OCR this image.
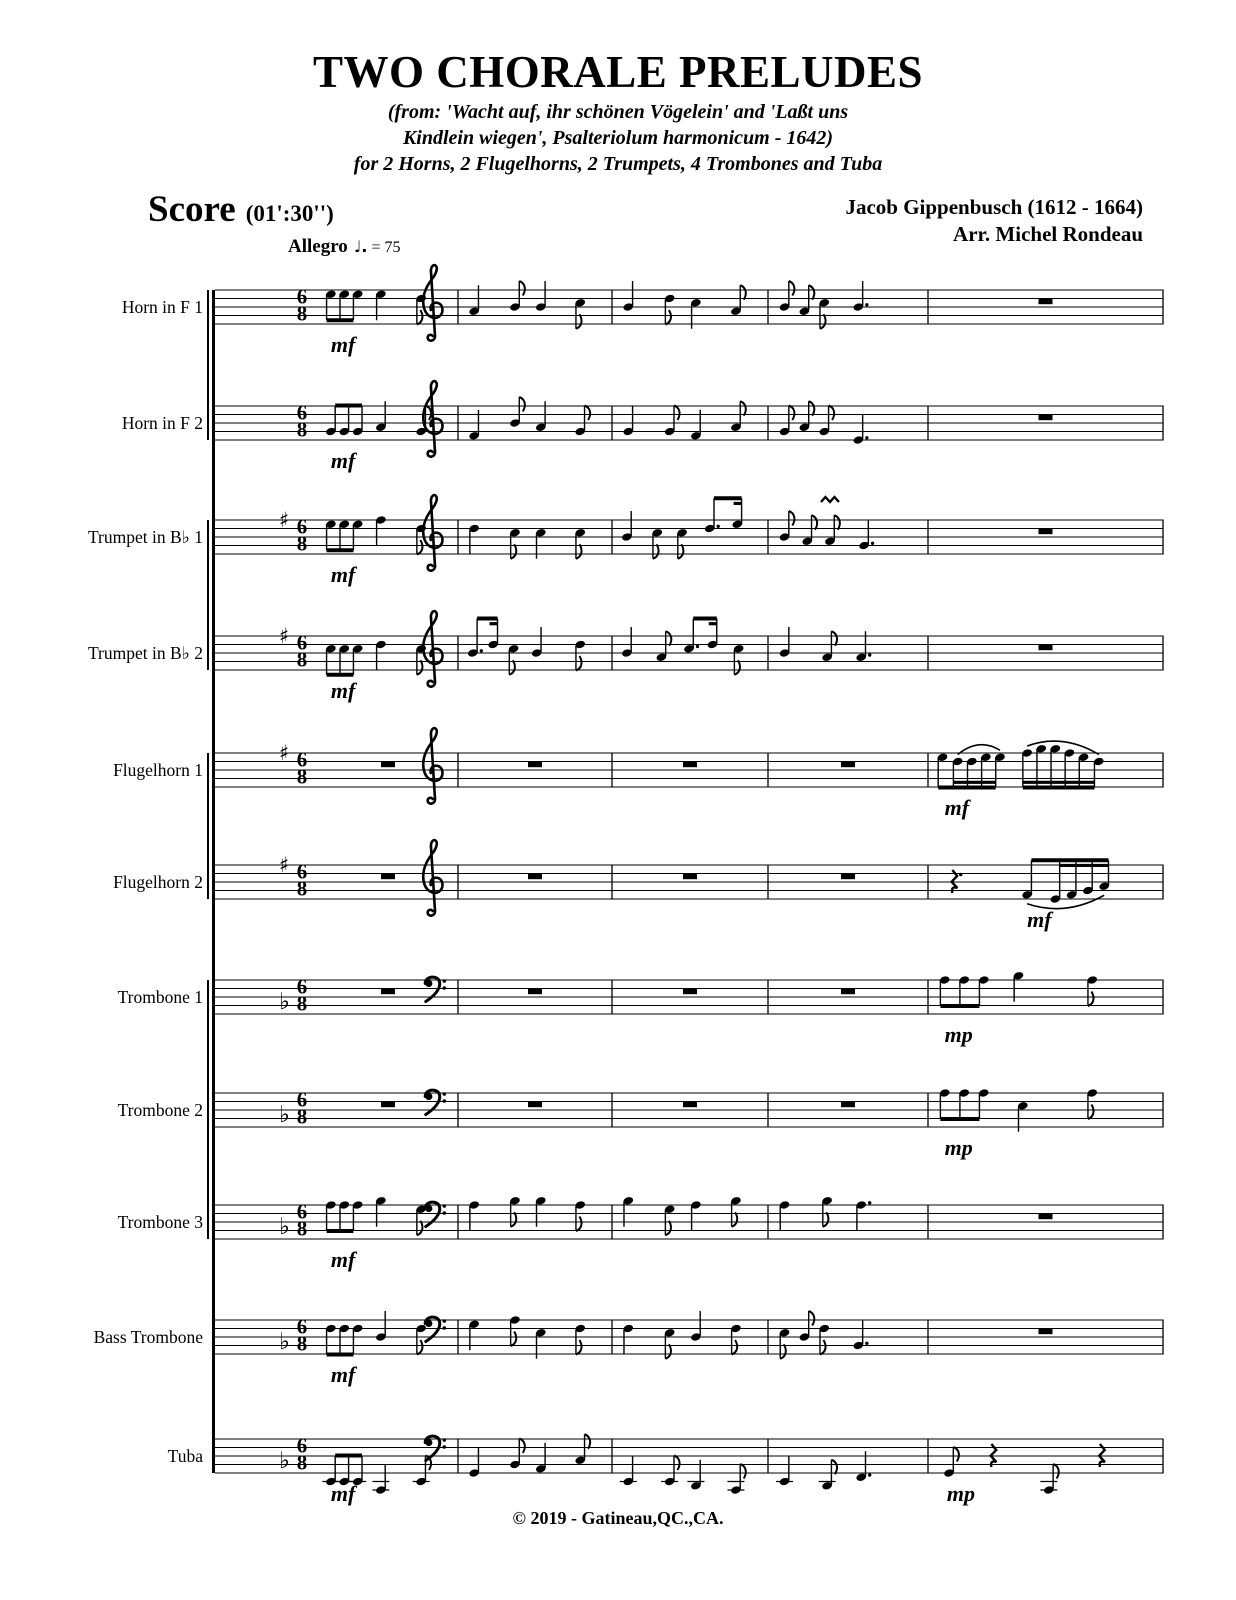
TWO CHORALE PRELUDES
(from: 'Wacht auf, ihr schönen Vögelein' and 'Laßt uns
Kindlein wiegen', Psalteriolum harmonicum - 1642)
for 2 Horns, 2 Flugelhorns, 2 Trumpets, 4 Trombones and Tuba
Score (01':30'')	Jacob Gippenbusch (1612 - 1664)
Arr. Michel Rondeau
Allegro ♩. = 75
Horn in F 1
Horn in F 2
Trumpet in B♭ 1
Trumpet in B♭ 2
Flugelhorn 1
Flugelhorn 2
Trombone 1
Trombone 2
Trombone 3
Bass Trombone
Tuba
6
8
mf
6
8
mf
♯ 6
8
mf
♯ 6
8
mf
♯ 6
8
mf
♯ 6
8
mf
♭
6
8
mp
♭
6
8
mp
♭
6
8
mf
♭
6
8
mf
♭
6
8
mf	mp
© 2019 - Gatineau,QC.,CA.
